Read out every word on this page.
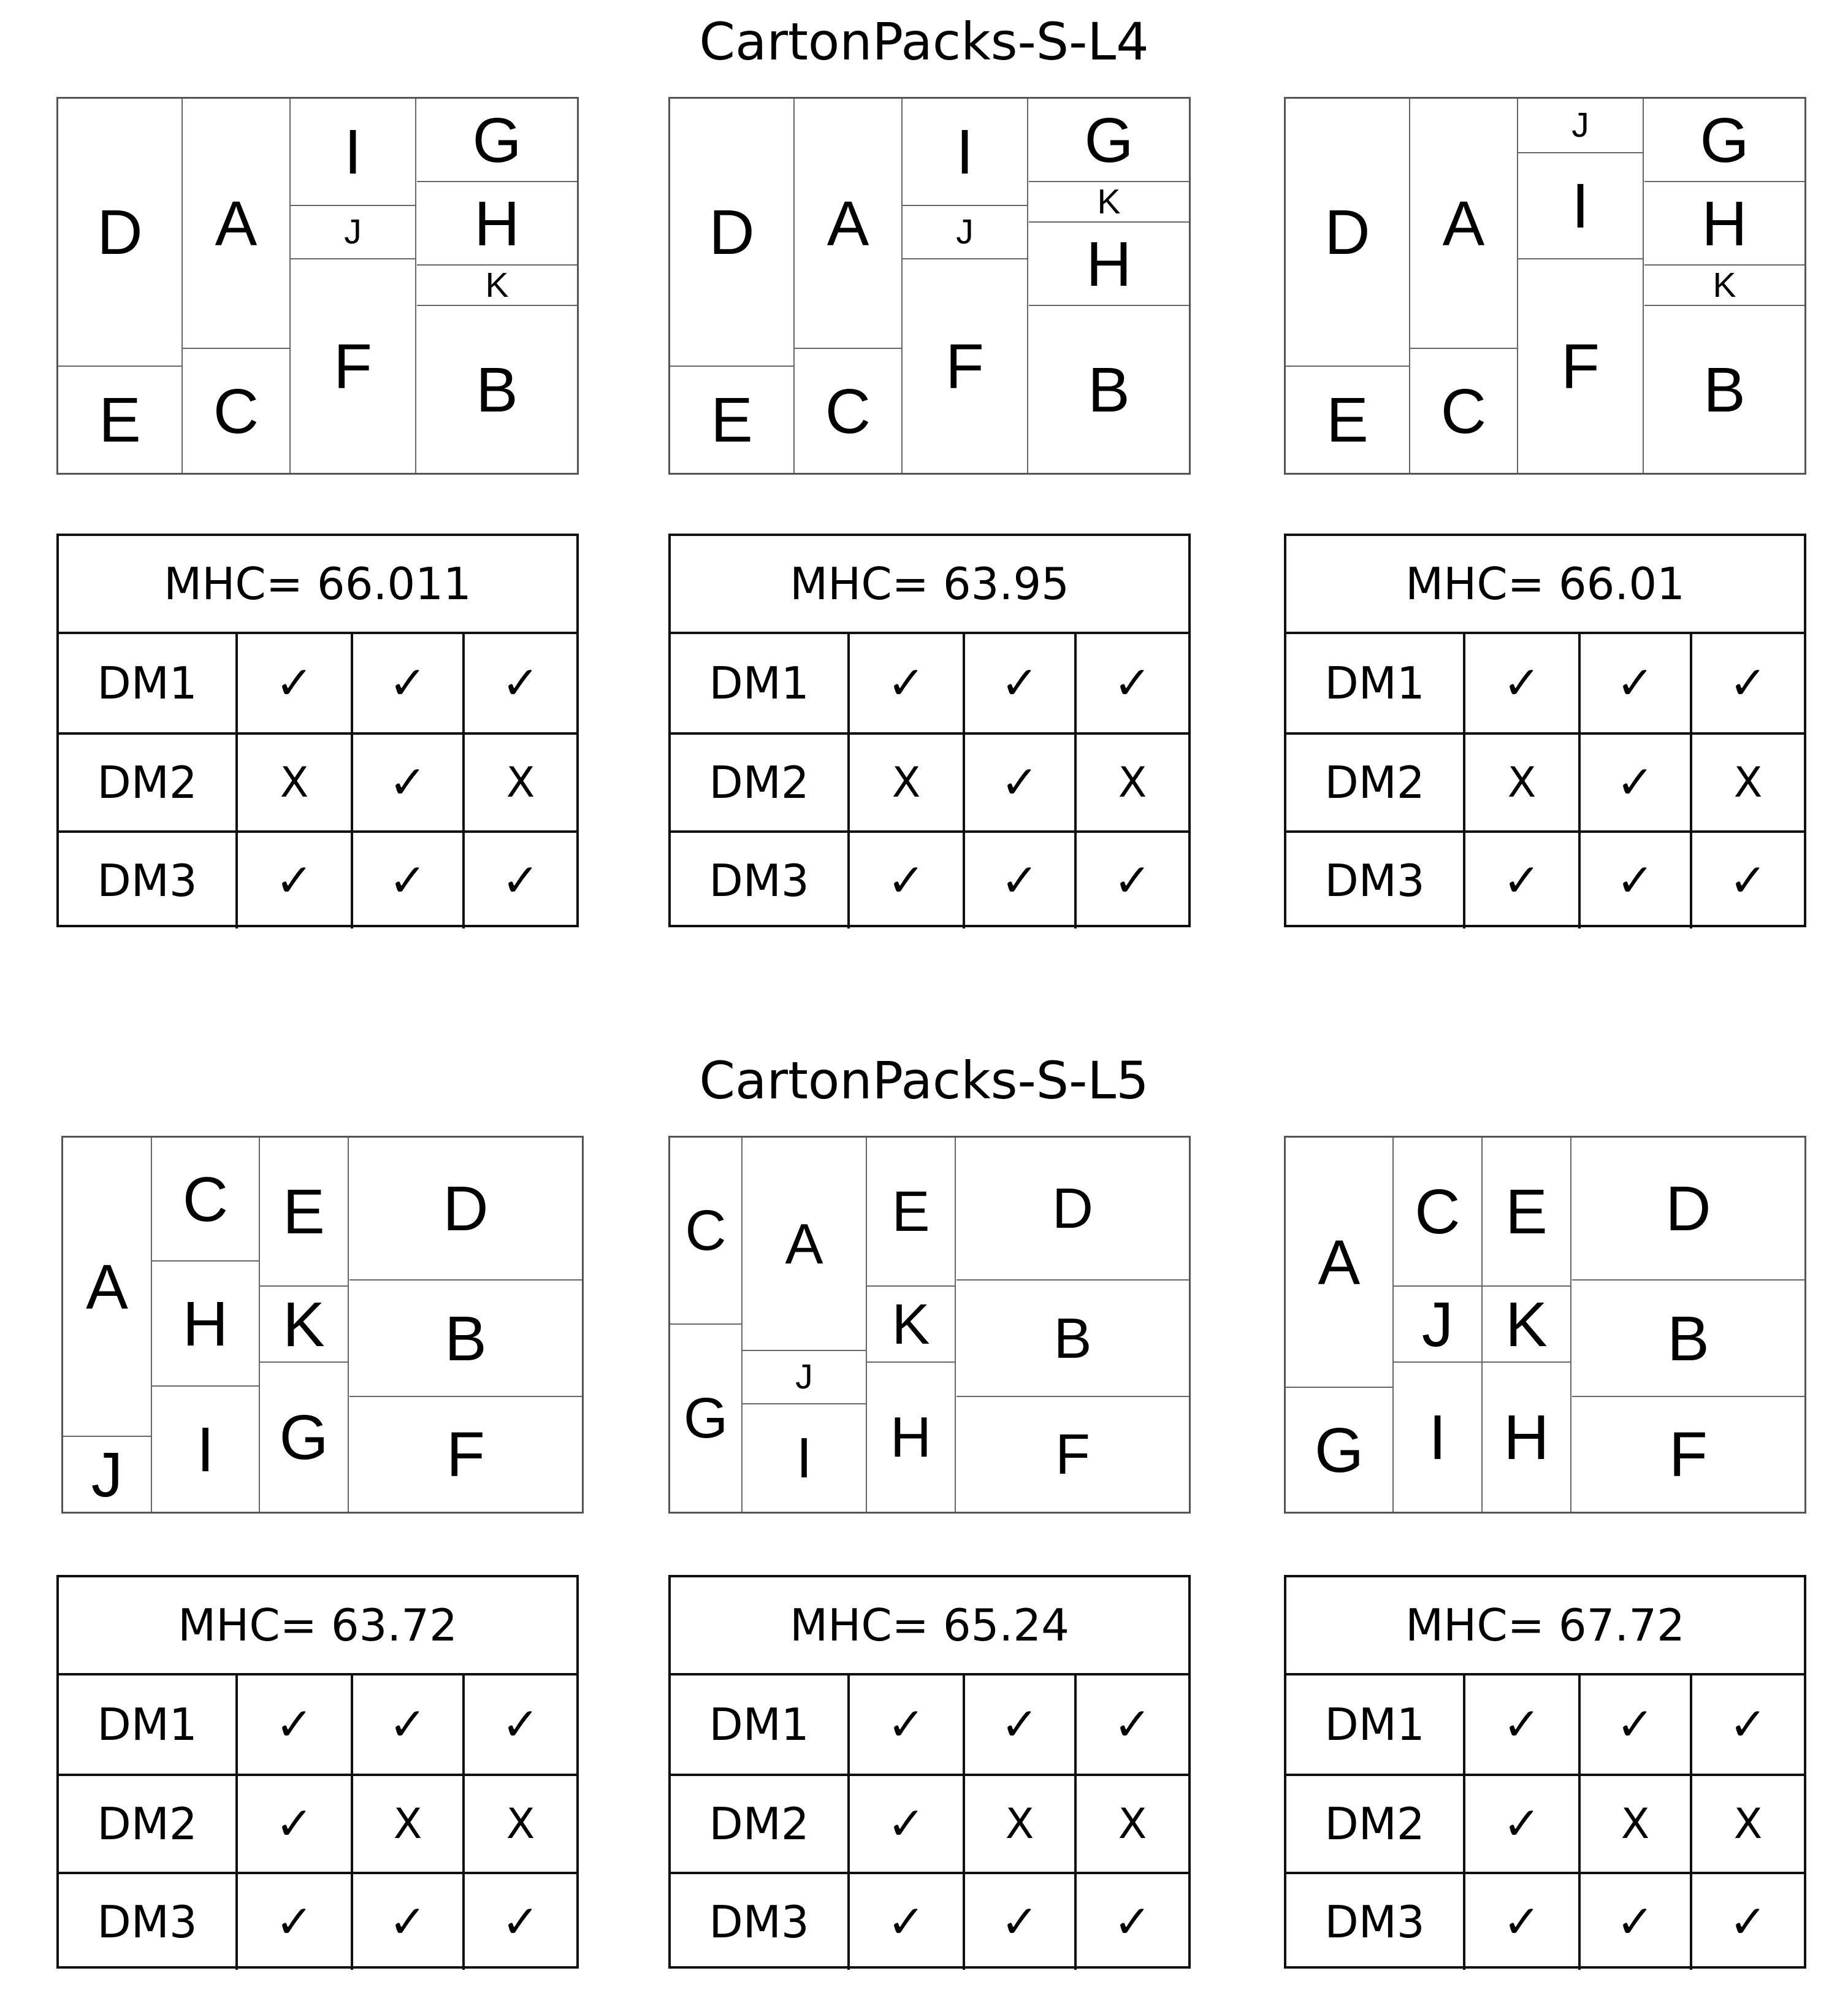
CartonPacks-S-L4
D
E
A
C
I
J
F
G
H
K
B
MHC= 66.011
DM1	✓	✓	✓
DM2	X	✓	X
DM3	✓	✓	✓
D
E
A
C
I
J
F
G
K
H
B
MHC= 63.95
DM1	✓	✓	✓
DM2	X	✓	X
DM3	✓	✓	✓
D
E
A
C
J
I
F
G
H
K
B
MHC= 66.01
DM1	✓	✓	✓
DM2	X	✓	X
DM3	✓	✓	✓
CartonPacks-S-L5
A
J
C
H
I
E
K
G
D
B
F
MHC= 63.72
DM1	✓	✓	✓
DM2	✓	X	X
DM3	✓	✓	✓
C
G
A
J
I
E
K
H
D
B
F
MHC= 65.24
DM1	✓	✓	✓
DM2	✓	X	X
DM3	✓	✓	✓
A
G
C
J
I
E
K
H
D
B
F
MHC= 67.72
DM1	✓	✓	✓
DM2	✓	X	X
DM3	✓	✓	✓
